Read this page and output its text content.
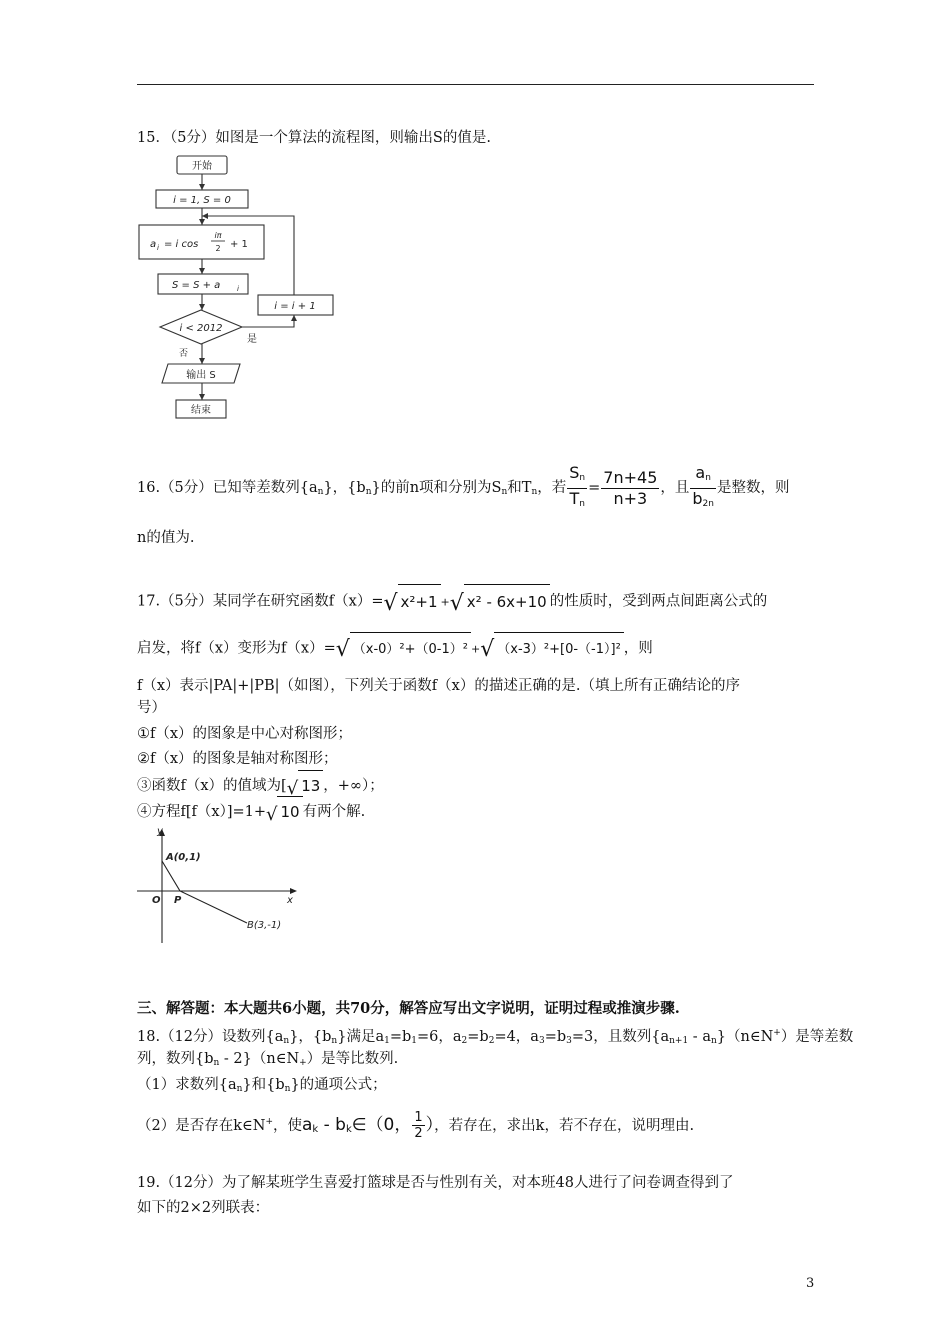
15．（5分）如图是一个算法的流程图，则输出S的值是.
开始
i = 1, S = 0
a i = i cos
iπ
2 + 1
S = S + a i
i = i + 1
i < 2012
是
否
输出 S
结束
16.（5分）已知等差数列$\{a_n\}$，$\{b_n\}$的前n项和分别为$S_n$和$T_n$，若 $\frac{S_n}{T_n} = \frac{7n+45}{n+3}$ ，且 $\frac{a_n}{b_{2n}}$ 是整数，则
n的值为.
17.（5分）某同学在研究函数f（x）=√ x²+1 +√ x² - 6x+10 的性质时，受到两点间距离公式的
启发，将f（x）变形为f（x）=√ （x-0）²+（0-1）² +√ （x-3）²+[0-（-1）]² ，则
f（x）表示|PA|+|PB|（如图），下列关于函数f（x）的描述正确的是.（填上所有正确结论的序
号）
①f（x）的图象是中心对称图形；
②f（x）的图象是轴对称图形；
③函数f（x）的值域为[√ 13 ，+∞）；
④方程f[f（x）]=1+√ 10 有两个解.
y
x
O P
A(0,1)
B(3,-1)
三、解答题：本大题共6小题，共70分，解答应写出文字说明，证明过程或推演步骤.
18.（12分）设数列$\{a_n\}$，$\{b_n\}$满足$a_1=b_1=6$，$a_2=b_2=4$，$a_3=b_3=3$，且数列{$a_{n+1}$ - $a_n\}(n\in N^+)$是等差数
列，数列{$b_n$ - $2\}(n\in N_+)$是等比数列.
（1）求数列$\{a_n\}$和$\{b_n\}$的通项公式；
（2）是否存在k∈N+，使$a_k$ - $b_k\in(0$， $\frac{1}{2}$ ），若存在，求出k，若不存在，说明理由.
19.（12分）为了解某班学生喜爱打篮球是否与性别有关，对本班48人进行了问卷调查得到了
如下的2×2列联表：
3
